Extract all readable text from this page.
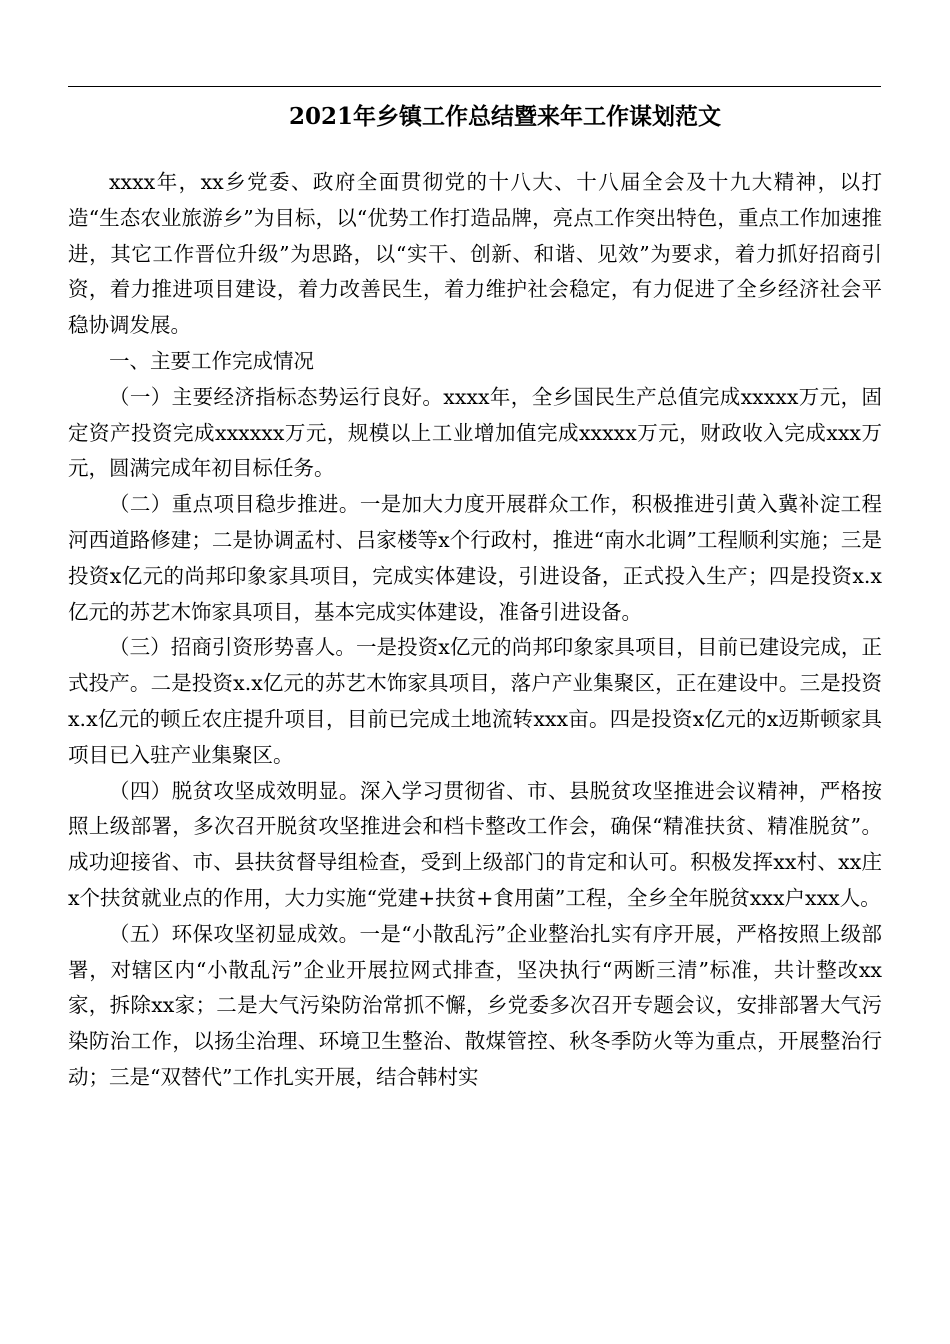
2021年乡镇工作总结暨来年工作谋划范文

xxxx年，xx乡党委、政府全面贯彻党的十八大、十八届全会及十九大精神，以打造“生态农业旅游乡”为目标，以“优势工作打造品牌，亮点工作突出特色，重点工作加速推进，其它工作晋位升级”为思路，以“实干、创新、和谐、见效”为要求，着力抓好招商引资，着力推进项目建设，着力改善民生，着力维护社会稳定，有力促进了全乡经济社会平稳协调发展。

一、主要工作完成情况

（一）主要经济指标态势运行良好。xxxx年，全乡国民生产总值完成xxxxx万元，固定资产投资完成xxxxxx万元，规模以上工业增加值完成xxxxx万元，财政收入完成xxx万元，圆满完成年初目标任务。

（二）重点项目稳步推进。一是加大力度开展群众工作，积极推进引黄入冀补淀工程河西道路修建；二是协调孟村、吕家楼等x个行政村，推进“南水北调”工程顺利实施；三是投资x亿元的尚邦印象家具项目，完成实体建设，引进设备，正式投入生产；四是投资x.x亿元的苏艺木饰家具项目，基本完成实体建设，准备引进设备。

（三）招商引资形势喜人。一是投资x亿元的尚邦印象家具项目，目前已建设完成，正式投产。二是投资x.x亿元的苏艺木饰家具项目，落户产业集聚区，正在建设中。三是投资x.x亿元的顿丘农庄提升项目，目前已完成土地流转xxx亩。四是投资x亿元的x迈斯顿家具项目已入驻产业集聚区。

（四）脱贫攻坚成效明显。深入学习贯彻省、市、县脱贫攻坚推进会议精神，严格按照上级部署，多次召开脱贫攻坚推进会和档卡整改工作会，确保“精准扶贫、精准脱贫”。成功迎接省、市、县扶贫督导组检查，受到上级部门的肯定和认可。积极发挥xx村、xx庄x个扶贫就业点的作用，大力实施“党建+扶贫+食用菌”工程，全乡全年脱贫xxx户xxx人。

（五）环保攻坚初显成效。一是“小散乱污”企业整治扎实有序开展，严格按照上级部署，对辖区内“小散乱污”企业开展拉网式排查，坚决执行“两断三清”标准，共计整改xx家，拆除xx家；二是大气污染防治常抓不懈，乡党委多次召开专题会议，安排部署大气污染防治工作，以扬尘治理、环境卫生整治、散煤管控、秋冬季防火等为重点，开展整治行动；三是“双替代”工作扎实开展，结合韩村实
